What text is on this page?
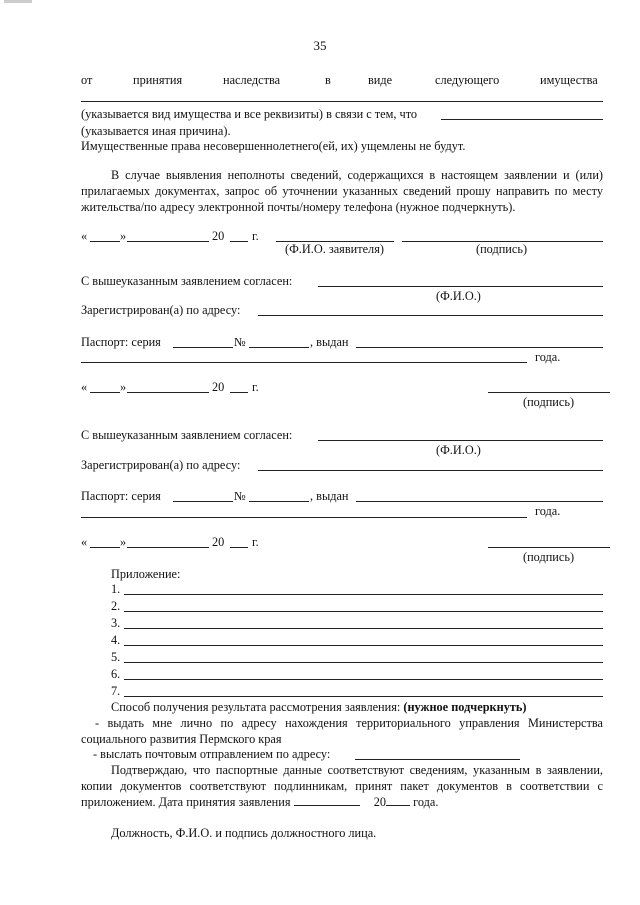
35
от	принятия	наследства	в	виде	следующего	имущества
(указывается вид имущества и все реквизиты) в связи с тем, что
(указывается иная причина).
Имущественные права несовершеннолетнего(ей, их) ущемлены не будут.
В случае выявления неполноты сведений, содержащихся в настоящем заявлении и (или) прилагаемых документах, запрос об уточнении указанных сведений прошу направить по месту жительства/по адресу электронной почты/номеру телефона (нужное подчеркнуть).
«	»	20 г.
(Ф.И.О. заявителя)	(подпись)
С вышеуказанным заявлением согласен:
(Ф.И.О.)
Зарегистрирован(а) по адресу:
Паспорт: серия	№	, выдан
года.
«	»	20 г.
(подпись)
С вышеуказанным заявлением согласен:
(Ф.И.О.)
Зарегистрирован(а) по адресу:
Паспорт: серия	№	, выдан
года.
«	»	20 г.
(подпись)
Приложение:
1.
2.
3.
4.
5.
6.
7.
Способ получения результата рассмотрения заявления: (нужное подчеркнуть)
- выдать мне лично по адресу нахождения территориального управления Министерства социального развития Пермского края
- выслать почтовым отправлением по адресу:
Подтверждаю, что паспортные данные соответствуют сведениям, указанным в заявлении, копии документов соответствуют подлинникам, принят пакет документов в соответствии с приложением. Дата принятия заявления	20 года.
Должность, Ф.И.О. и подпись должностного лица.
